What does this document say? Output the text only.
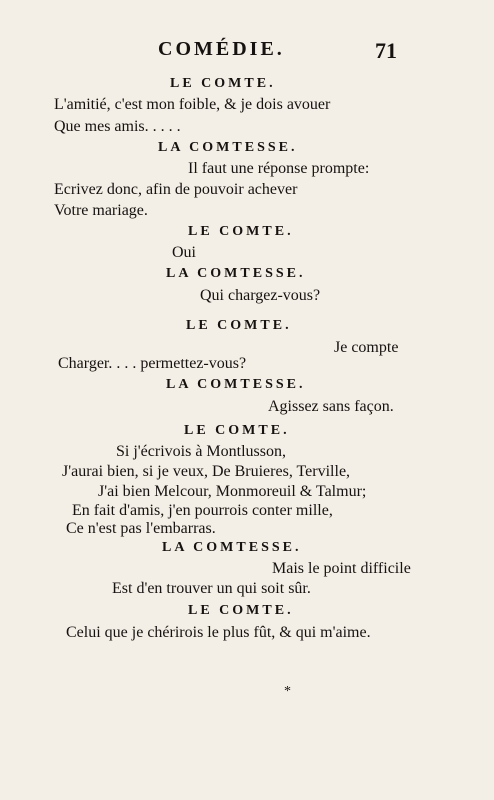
COMÉDIE.	71
LE COMTE.
L'amitié, c'est mon foible, & je dois avouer
Que mes amis. . . . .
LA COMTESSE.
Il faut une réponse prompte:
Ecrivez donc, afin de pouvoir achever
Votre mariage.
LE COMTE.
Oui
LA COMTESSE.
Qui chargez-vous?
LE COMTE.
Je compte
Charger. . . . permettez-vous?
LA COMTESSE.
Agissez sans façon.
LE COMTE.
Si j'écrivois à Montlusson,
J'aurai bien, si je veux, De Bruieres, Terville,
J'ai bien Melcour, Monmoreuil & Talmur;
En fait d'amis, j'en pourrois conter mille,
Ce n'est pas l'embarras.
LA COMTESSE.
Mais le point difficile
Est d'en trouver un qui soit sûr.
LE COMTE.
Celui que je chérirois le plus fût, & qui m'aime.
*
